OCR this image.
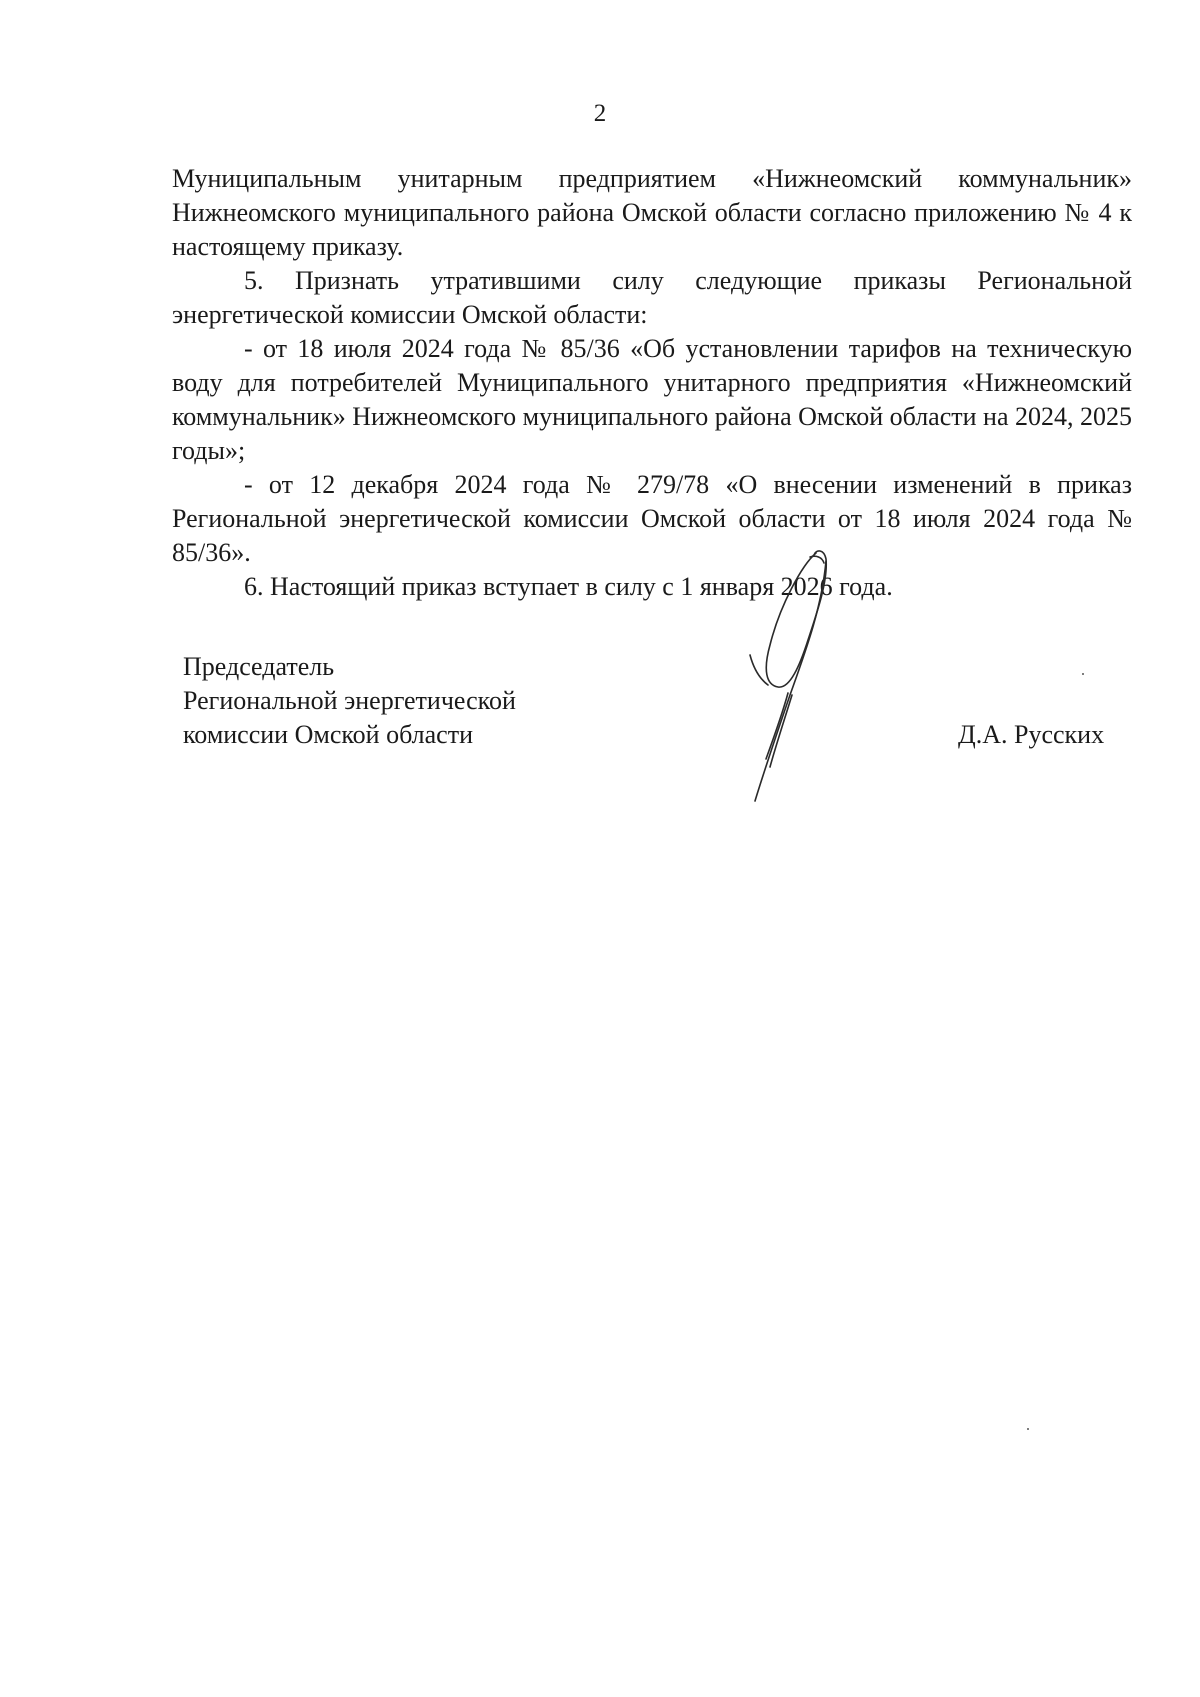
2

Муниципальным унитарным предприятием «Нижнеомский коммунальник» Нижнеомского муниципального района Омской области согласно приложению № 4 к настоящему приказу.

5. Признать утратившими силу следующие приказы Региональной энергетической комиссии Омской области:

- от 18 июля 2024 года № 85/36 «Об установлении тарифов на техническую воду для потребителей Муниципального унитарного предприятия «Нижнеомский коммунальник» Нижнеомского муниципального района Омской области на 2024, 2025 годы»;

- от 12 декабря 2024 года № 279/78 «О внесении изменений в приказ Региональной энергетической комиссии Омской области от 18 июля 2024 года № 85/36».

6. Настоящий приказ вступает в силу с 1 января 2026 года.

Председатель
Региональной энергетической
комиссии Омской области	Д.А. Русских
